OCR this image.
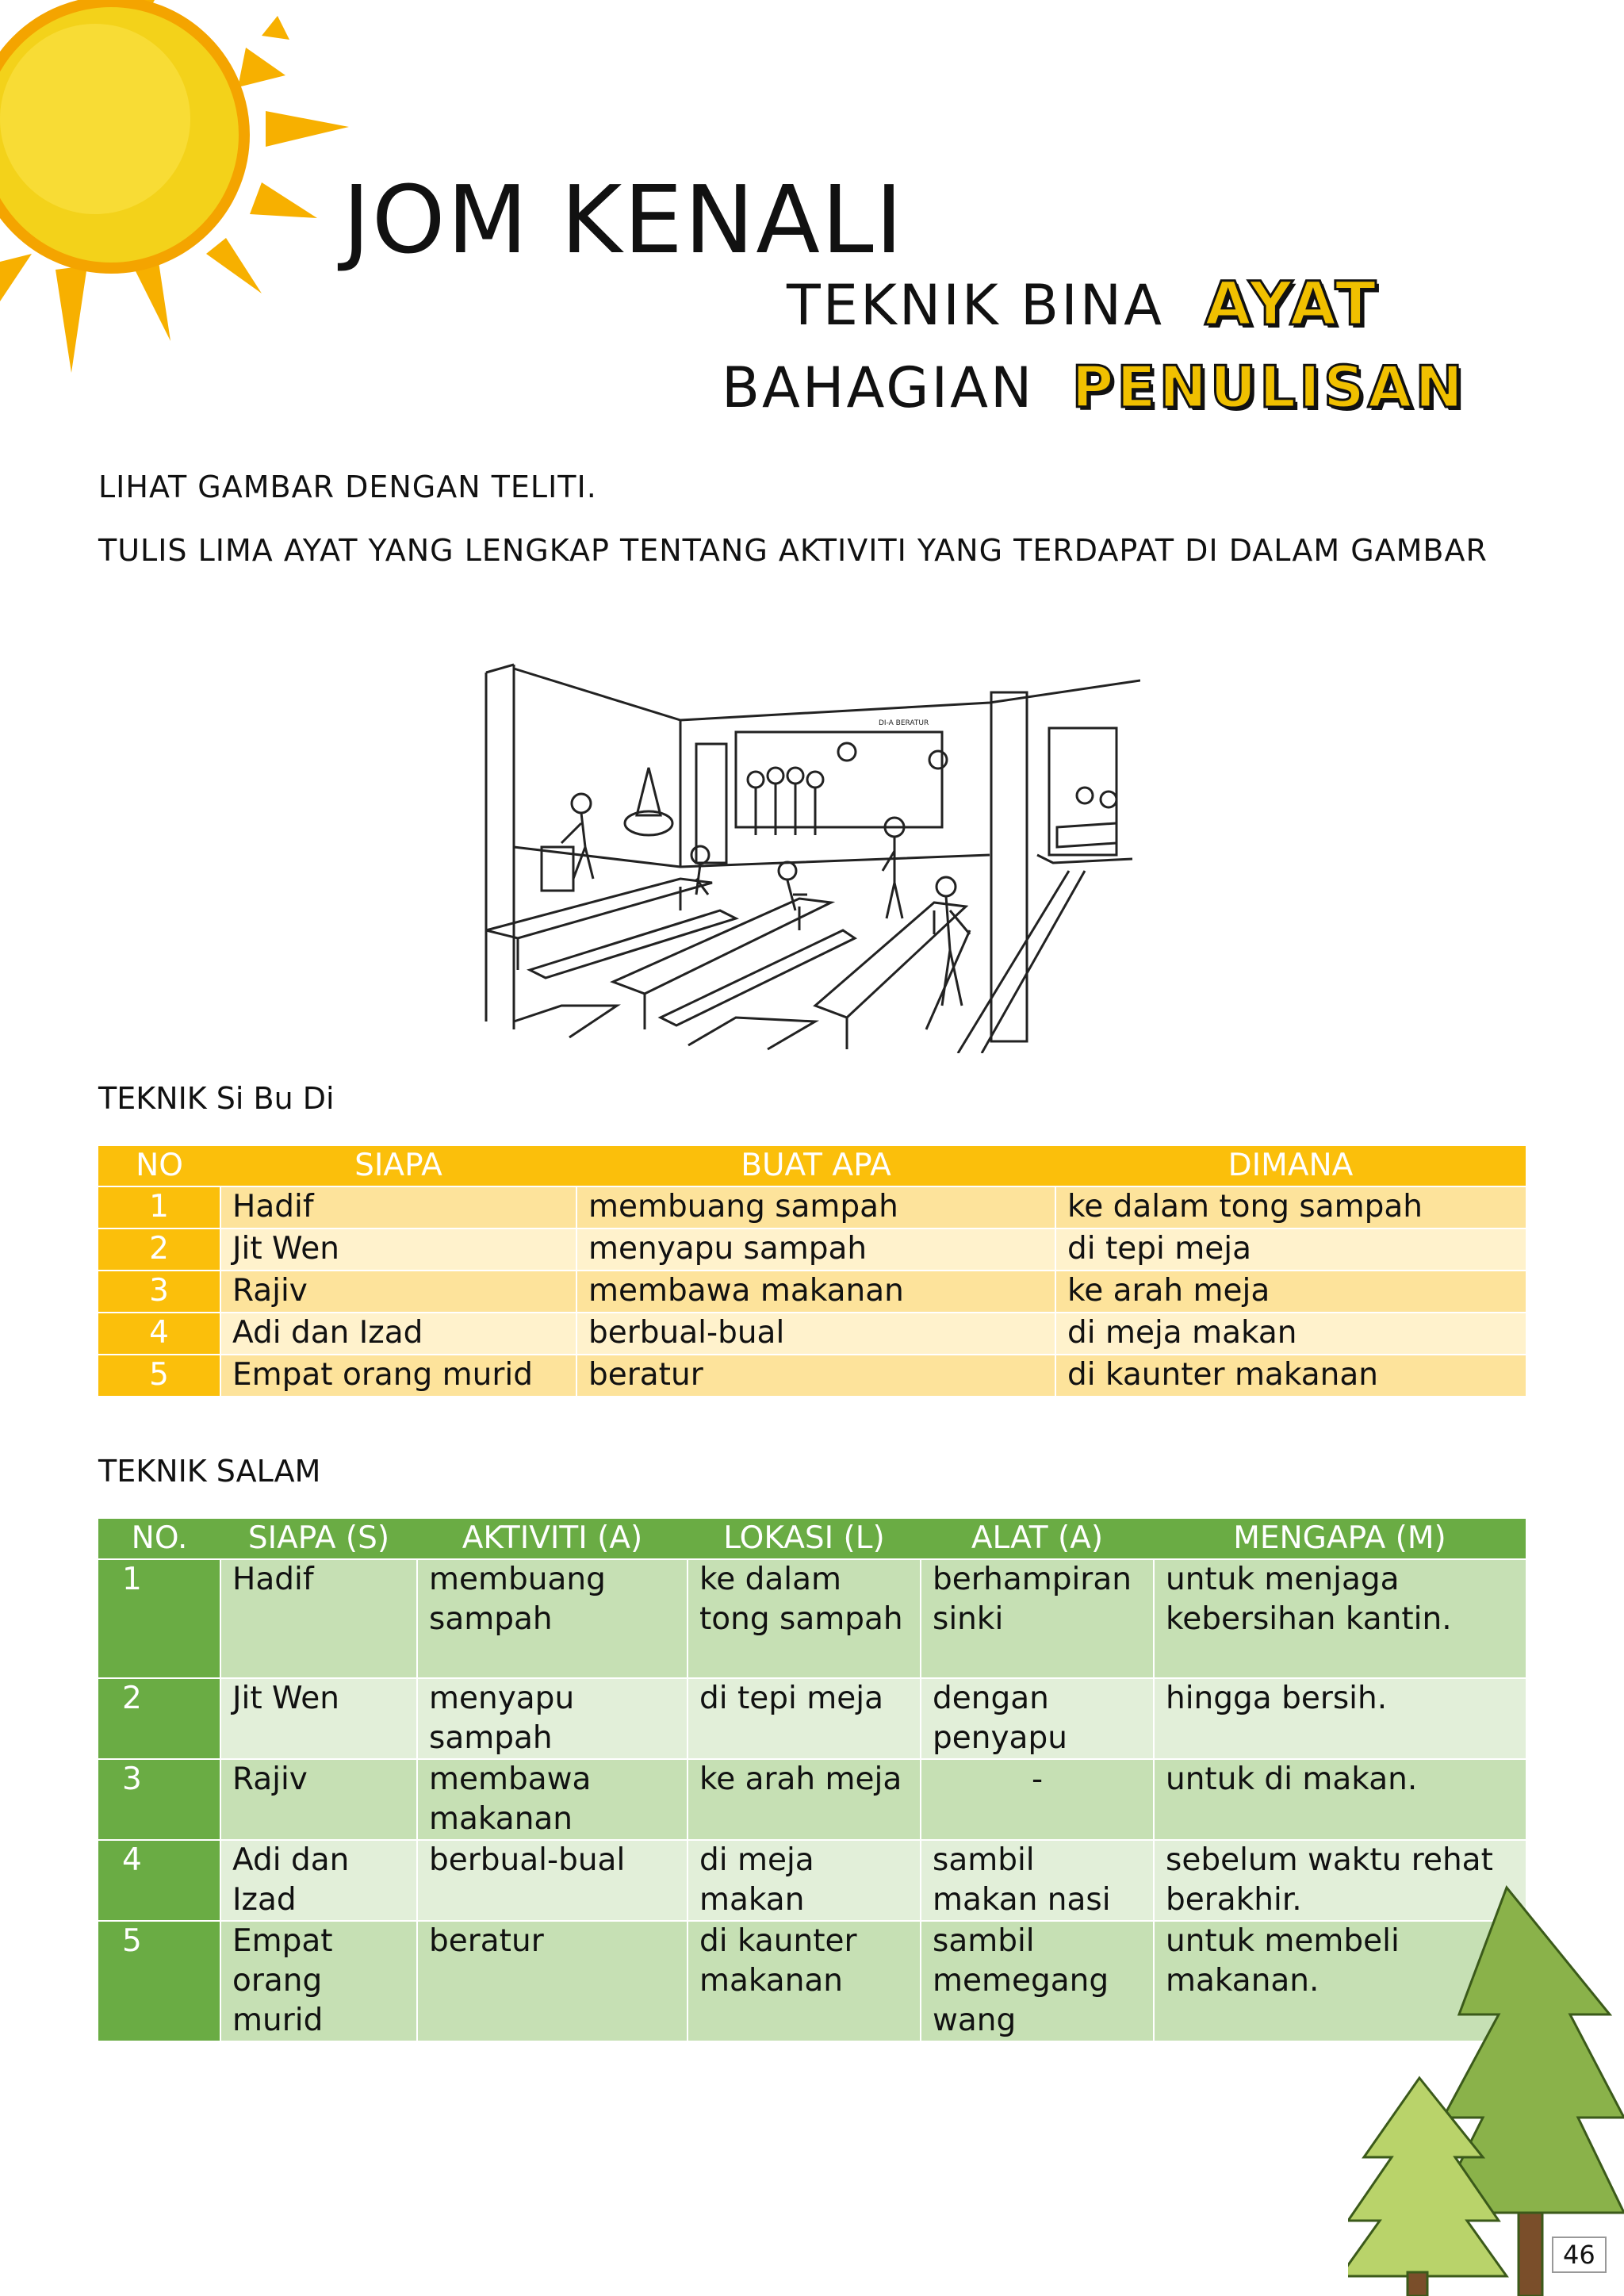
JOM KENALI
TEKNIK BINA AYAT
BAHAGIAN PENULISAN
LIHAT GAMBAR DENGAN TELITI.
TULIS LIMA AYAT YANG LENGKAP TENTANG AKTIVITI YANG TERDAPAT DI DALAM GAMBAR
DI-A BERATUR
TEKNIK Si Bu Di
NO	SIAPA	BUAT APA	DIMANA
1	Hadif	membuang sampah	ke dalam tong sampah
2	Jit Wen	menyapu sampah	di tepi meja
3	Rajiv	membawa makanan	ke arah meja
4	Adi dan Izad	berbual-bual	di meja makan
5	Empat orang murid	beratur	di kaunter makanan
TEKNIK SALAM
NO.	SIAPA (S)	AKTIVITI (A)	LOKASI (L)	ALAT (A)	MENGAPA (M)
1	Hadif	membuang sampah	ke dalam tong sampah	berhampiran sinki	untuk menjaga kebersihan kantin.
2	Jit Wen	menyapu sampah	di tepi meja	dengan penyapu	hingga bersih.
3	Rajiv	membawa makanan	ke arah meja	-	untuk di makan.
4	Adi dan Izad	berbual-bual	di meja makan	sambil makan nasi	sebelum waktu rehat berakhir.
5	Empat orang murid	beratur	di kaunter makanan	sambil memegang wang	untuk membeli makanan.
46
